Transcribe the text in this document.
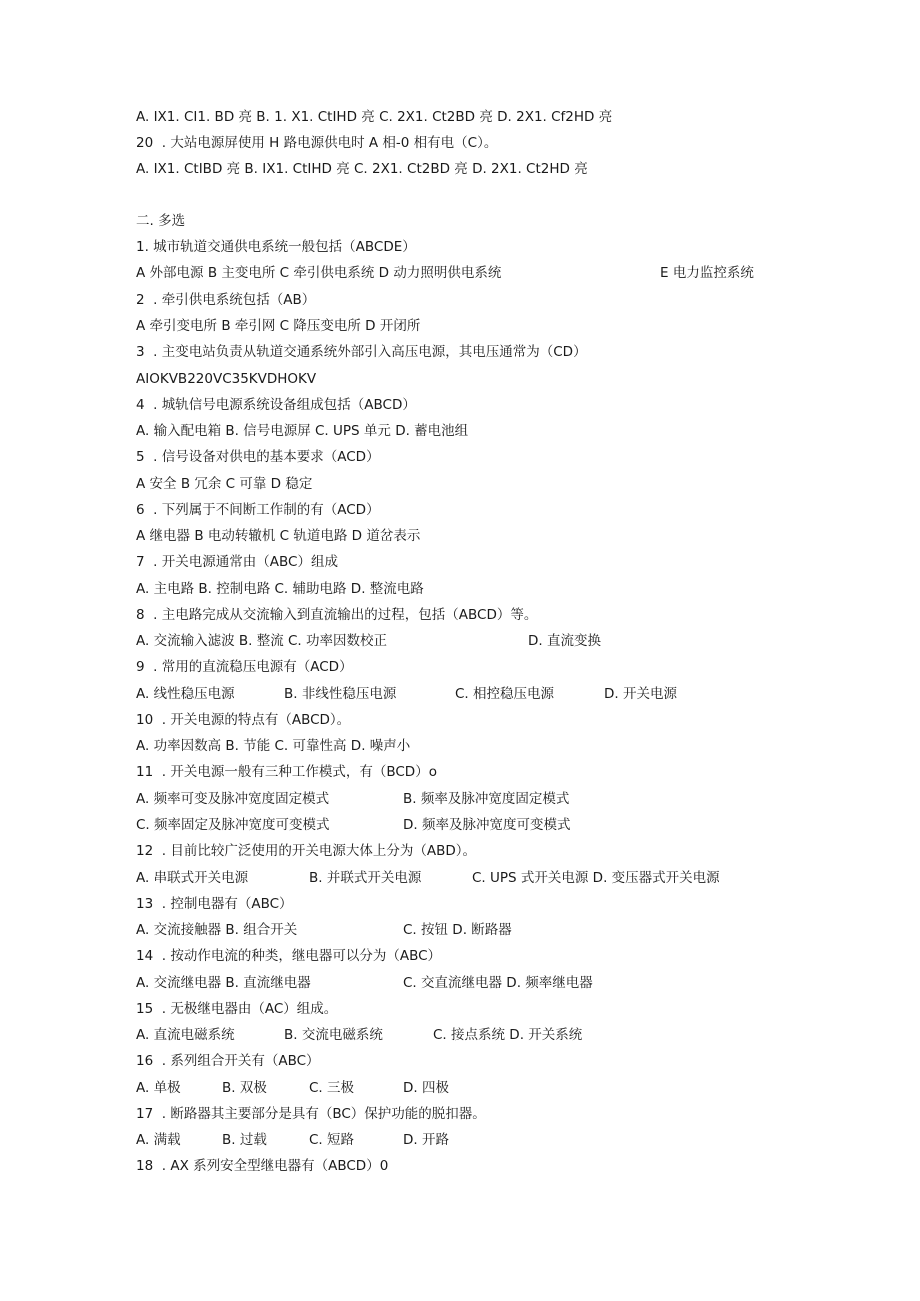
A. IX1. CI1. BD 亮 B. 1. X1. CtIHD 亮 C. 2X1. Ct2BD 亮 D. 2X1. Cf2HD 亮
20  . 大站电源屏使用 H 路电源供电时 A 相-0 相有电（C）。
A. IX1. CtIBD 亮 B. IX1. CtIHD 亮 C. 2X1. Ct2BD 亮 D. 2X1. Ct2HD 亮
二. 多选
1. 城市轨道交通供电系统一般包括（ABCDE）
A 外部电源 B 主变电所 C 牵引供电系统 D 动力照明供电系统	E 电力监控系统
2  . 牵引供电系统包括（AB）
A 牵引变电所 B 牵引网 C 降压变电所 D 开闭所
3  . 主变电站负责从轨道交通系统外部引入高压电源，其电压通常为（CD）
AIOKVB220VC35KVDHOKV
4  . 城轨信号电源系统设备组成包括（ABCD）
A. 输入配电箱 B. 信号电源屏 C. UPS 单元 D. 蓄电池组
5  . 信号设备对供电的基本要求（ACD）
A 安全 B 冗余 C 可靠 D 稳定
6  . 下列属于不间断工作制的有（ACD）
A 继电器 B 电动转辙机 C 轨道电路 D 道岔表示
7  . 开关电源通常由（ABC）组成
A. 主电路 B. 控制电路 C. 辅助电路 D. 整流电路
8  . 主电路完成从交流输入到直流输出的过程，包括（ABCD）等。
A. 交流输入滤波 B. 整流 C. 功率因数校正	D. 直流变换
9  . 常用的直流稳压电源有（ACD）
A. 线性稳压电源	B. 非线性稳压电源	C. 相控稳压电源	D. 开关电源
10  . 开关电源的特点有（ABCD）。
A. 功率因数高 B. 节能 C. 可靠性高 D. 噪声小
11  . 开关电源一般有三种工作模式，有（BCD）o
A. 频率可变及脉冲宽度固定模式	B. 频率及脉冲宽度固定模式
C. 频率固定及脉冲宽度可变模式	D. 频率及脉冲宽度可变模式
12  . 目前比较广泛使用的开关电源大体上分为（ABD）。
A. 串联式开关电源	B. 并联式开关电源	C. UPS 式开关电源 D. 变压器式开关电源
13  . 控制电器有（ABC）
A. 交流接触器 B. 组合开关	C. 按钮 D. 断路器
14  . 按动作电流的种类，继电器可以分为（ABC）
A. 交流继电器 B. 直流继电器	C. 交直流继电器 D. 频率继电器
15  . 无极继电器由（AC）组成。
A. 直流电磁系统	B. 交流电磁系统	C. 接点系统 D. 开关系统
16  . 系列组合开关有（ABC）
A. 单极	B. 双极	C. 三极	D. 四极
17  . 断路器其主要部分是具有（BC）保护功能的脱扣器。
A. 满载	B. 过载	C. 短路	D. 开路
18  . AX 系列安全型继电器有（ABCD）0
